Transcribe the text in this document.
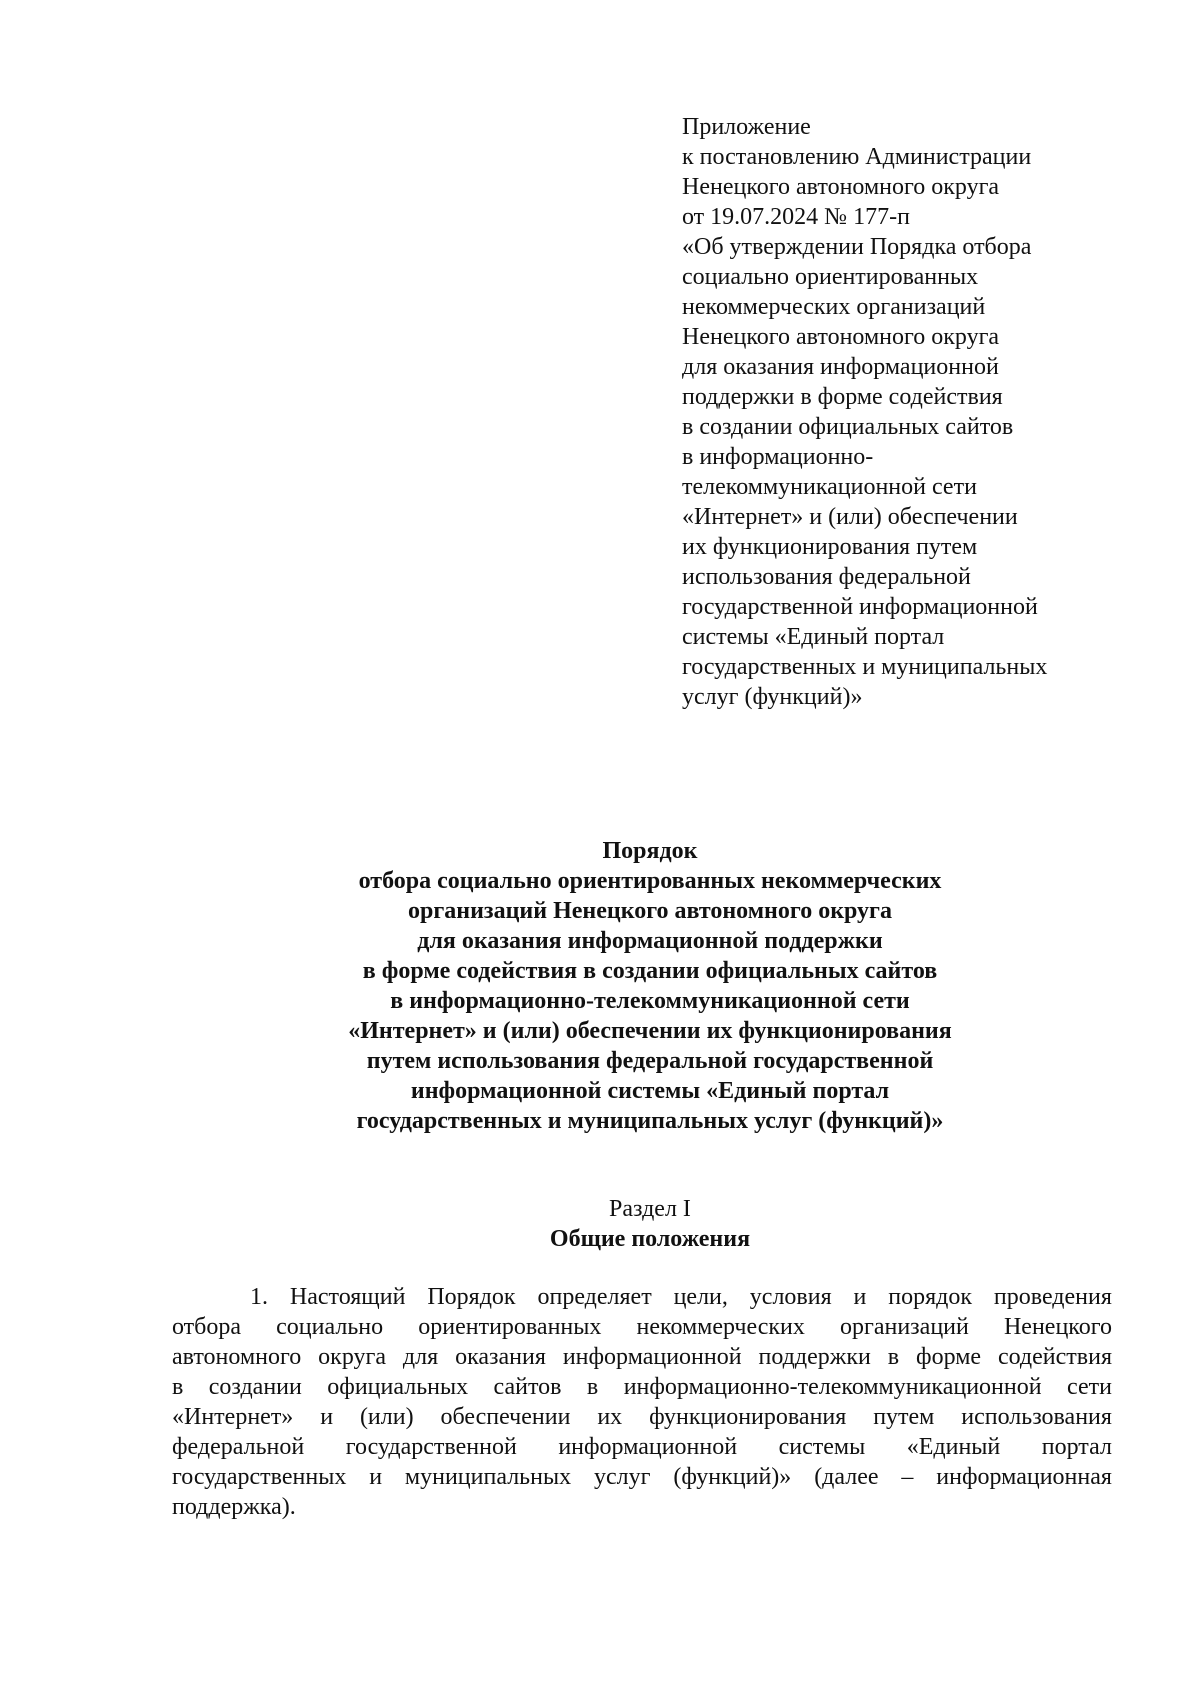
Приложение
к постановлению Администрации
Ненецкого автономного округа
от 19.07.2024 № 177-п
«Об утверждении Порядка отбора
социально ориентированных
некоммерческих организаций
Ненецкого автономного округа
для оказания информационной
поддержки в форме содействия
в создании официальных сайтов
в информационно-
телекоммуникационной сети
«Интернет» и (или) обеспечении
их функционирования путем
использования федеральной
государственной информационной
системы «Единый портал
государственных и муниципальных
услуг (функций)»
Порядок
отбора социально ориентированных некоммерческих
организаций Ненецкого автономного округа
для оказания информационной поддержки
в форме содействия в создании официальных сайтов
в информационно-телекоммуникационной сети
«Интернет» и (или) обеспечении их функционирования
путем использования федеральной государственной
информационной системы «Единый портал
государственных и муниципальных услуг (функций)»
Раздел I
Общие положения
1. Настоящий Порядок определяет цели, условия и порядок проведения
отбора социально ориентированных некоммерческих организаций Ненецкого
автономного округа для оказания информационной поддержки в форме содействия
в создании официальных сайтов в информационно-телекоммуникационной сети
«Интернет» и (или) обеспечении их функционирования путем использования
федеральной государственной информационной системы «Единый портал
государственных и муниципальных услуг (функций)» (далее – информационная
поддержка).
